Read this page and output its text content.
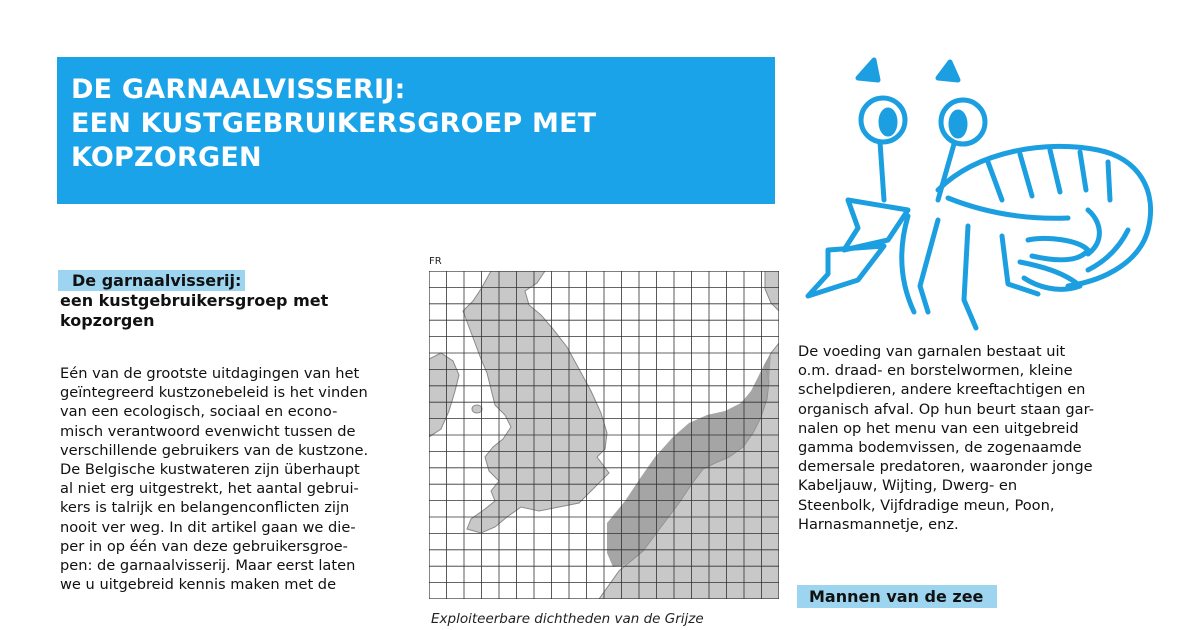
DE GARNAALVISSERIJ:
EEN KUSTGEBRUIKERSGROEP MET
KOPZORGEN
De garnaalvisserij:
een kustgebruikersgroep met
kopzorgen
Eén van de grootste uitdagingen van het
geïntegreerd kustzonebeleid is het vinden
van een ecologisch, sociaal en econo-
misch verantwoord evenwicht tussen de
verschillende gebruikers van de kustzone.
De Belgische kustwateren zijn überhaupt
al niet erg uitgestrekt, het aantal gebrui-
kers is talrijk en belangenconflicten zijn
nooit ver weg. In dit artikel gaan we die-
per in op één van deze gebruikersgroe-
pen: de garnaalvisserij. Maar eerst laten
we u uitgebreid kennis maken met de
FR
Exploiteerbare dichtheden van de Grijze
De voeding van garnalen bestaat uit
o.m. draad- en borstelwormen, kleine
schelpdieren, andere kreeftachtigen en
organisch afval. Op hun beurt staan gar-
nalen op het menu van een uitgebreid
gamma bodemvissen, de zogenaamde
demersale predatoren, waaronder jonge
Kabeljauw, Wijting, Dwerg- en
Steenbolk, Vijfdradige meun, Poon,
Harnasmannetje, enz.
Mannen van de zee
